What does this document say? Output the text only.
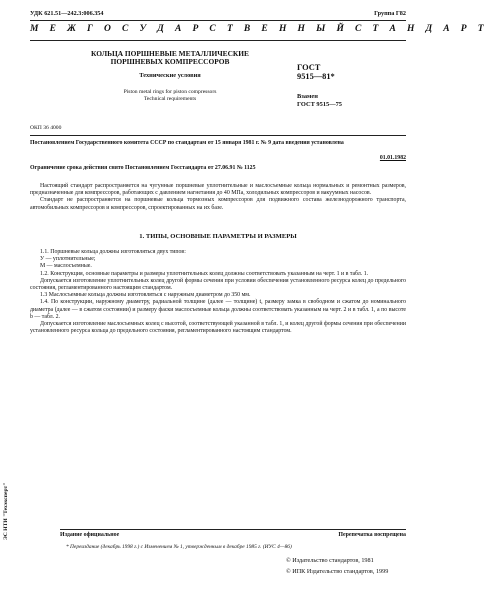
УДК 621.51—242.3:006.354	Группа Г82
М Е Ж Г О С У Д А Р С Т В Е Н Н Ы Й С Т А Н Д А Р Т
КОЛЬЦА ПОРШНЕВЫЕ МЕТАЛЛИЧЕСКИЕ
ПОРШНЕВЫХ КОМПРЕССОРОВ
Технические условия
Piston metal rings for piston compressors
Technical requirements
ГОСТ
9515—81*
Взамен
ГОСТ 9515—75
ОКП 36 4000
Постановлением Государственного комитета СССР по стандартам от 15 января 1981 г. № 9 дата введения установлена
01.01.1982
Ограничение срока действия снято Постановлением Госстандарта от 27.06.91 № 1125

Настоящий стандарт распространяется на чугунные поршневые уплотнительные и маслосъемные кольца нормальных и ремонтных размеров, предназначенные для компрессоров, работающих с давлением нагнетания до 40 МПа, холодильных компрессоров и вакуумных насосов.

Стандарт не распространяется на поршневые кольца тормозных компрессоров для подвижного состава железнодорожного транспорта, автомобильных компрессоров и компрессоров, спроектированных на их базе.

1. ТИПЫ, ОСНОВНЫЕ ПАРАМЕТРЫ И РАЗМЕРЫ

1.1. Поршневые кольца должны изготовляться двух типов:

У — уплотнительные;

М — маслосъемные.

1.2. Конструкция, основные параметры и размеры уплотнительных колец должны соответствовать указанным на черт. 1 и в табл. 1.

Допускается изготовление уплотнительных колец другой формы сечения при условии обеспечения установленного ресурса колец до предельного состояния, регламентированного настоящим стандартом.

1.3 Маслосъемные кольца должны изготовляться с наружным диаметром до 350 мм.

1.4. По конструкции, наружному диаметру, радиальной толщине (далее — толщине) t, размеру замка в свободном и сжатом до номинального диаметра (далее — в сжатом состоянии) и размеру фаски маслосъемные кольца должны соответствовать указанным на черт. 2 и в табл. 1, а по высоте b — табл. 2.

Допускается изготовление маслосъемных колец с высотой, соответствующей указанной в табл. 1, и колец другой формы сечения при обеспечении установленного ресурса кольца до предельного состояния, регламентированного настоящим стандартом.

Издание официальное	Перепечатка воспрещена
* Переиздание (декабрь 1998 г.) с Изменением № 1, утвержденным в декабре 1985 г. (ИУС 4—86)
© Издательство стандартов, 1981
© ИПК Издательство стандартов, 1999
ЭС НТИ "Техэксперт"
